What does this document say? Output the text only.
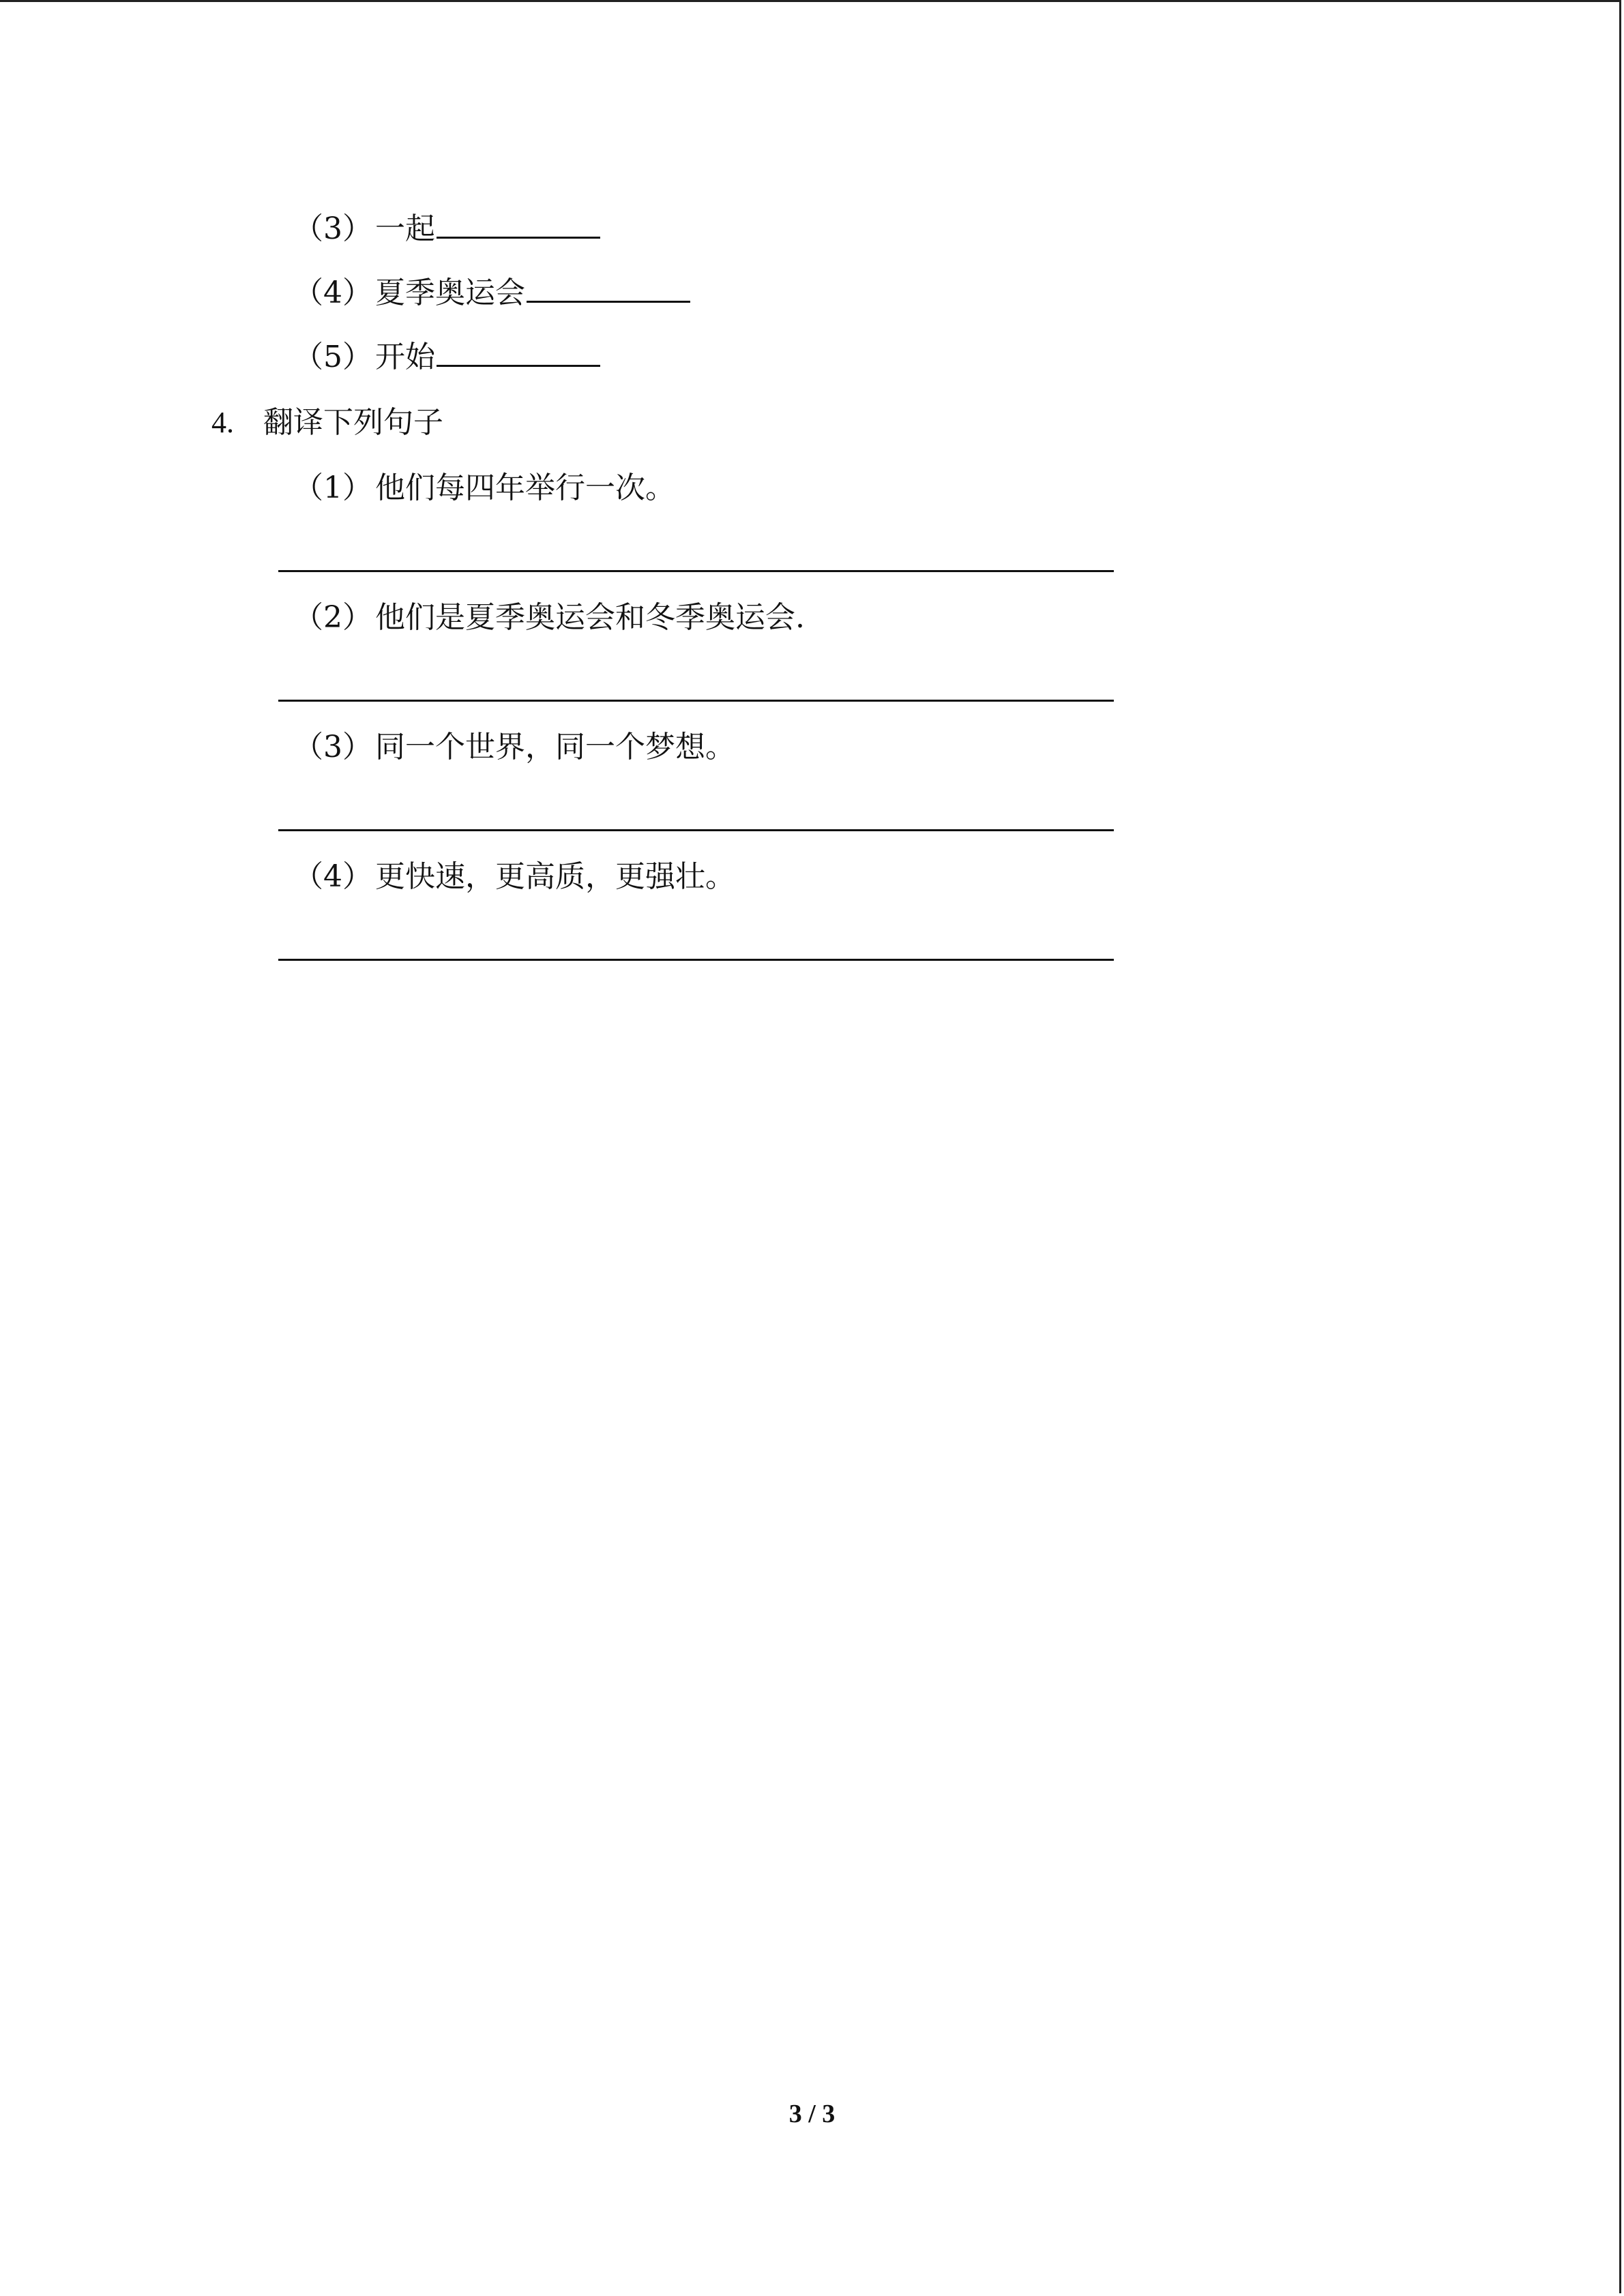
（3） 一起
（4） 夏季奥运会
（5） 开始
4. 翻译下列句子
（1） 他们每四年举行一次。
（2） 他们是夏季奥运会和冬季奥运会.
（3） 同一个世界，同一个梦想。
（4） 更快速，更高质，更强壮。
3 / 3
